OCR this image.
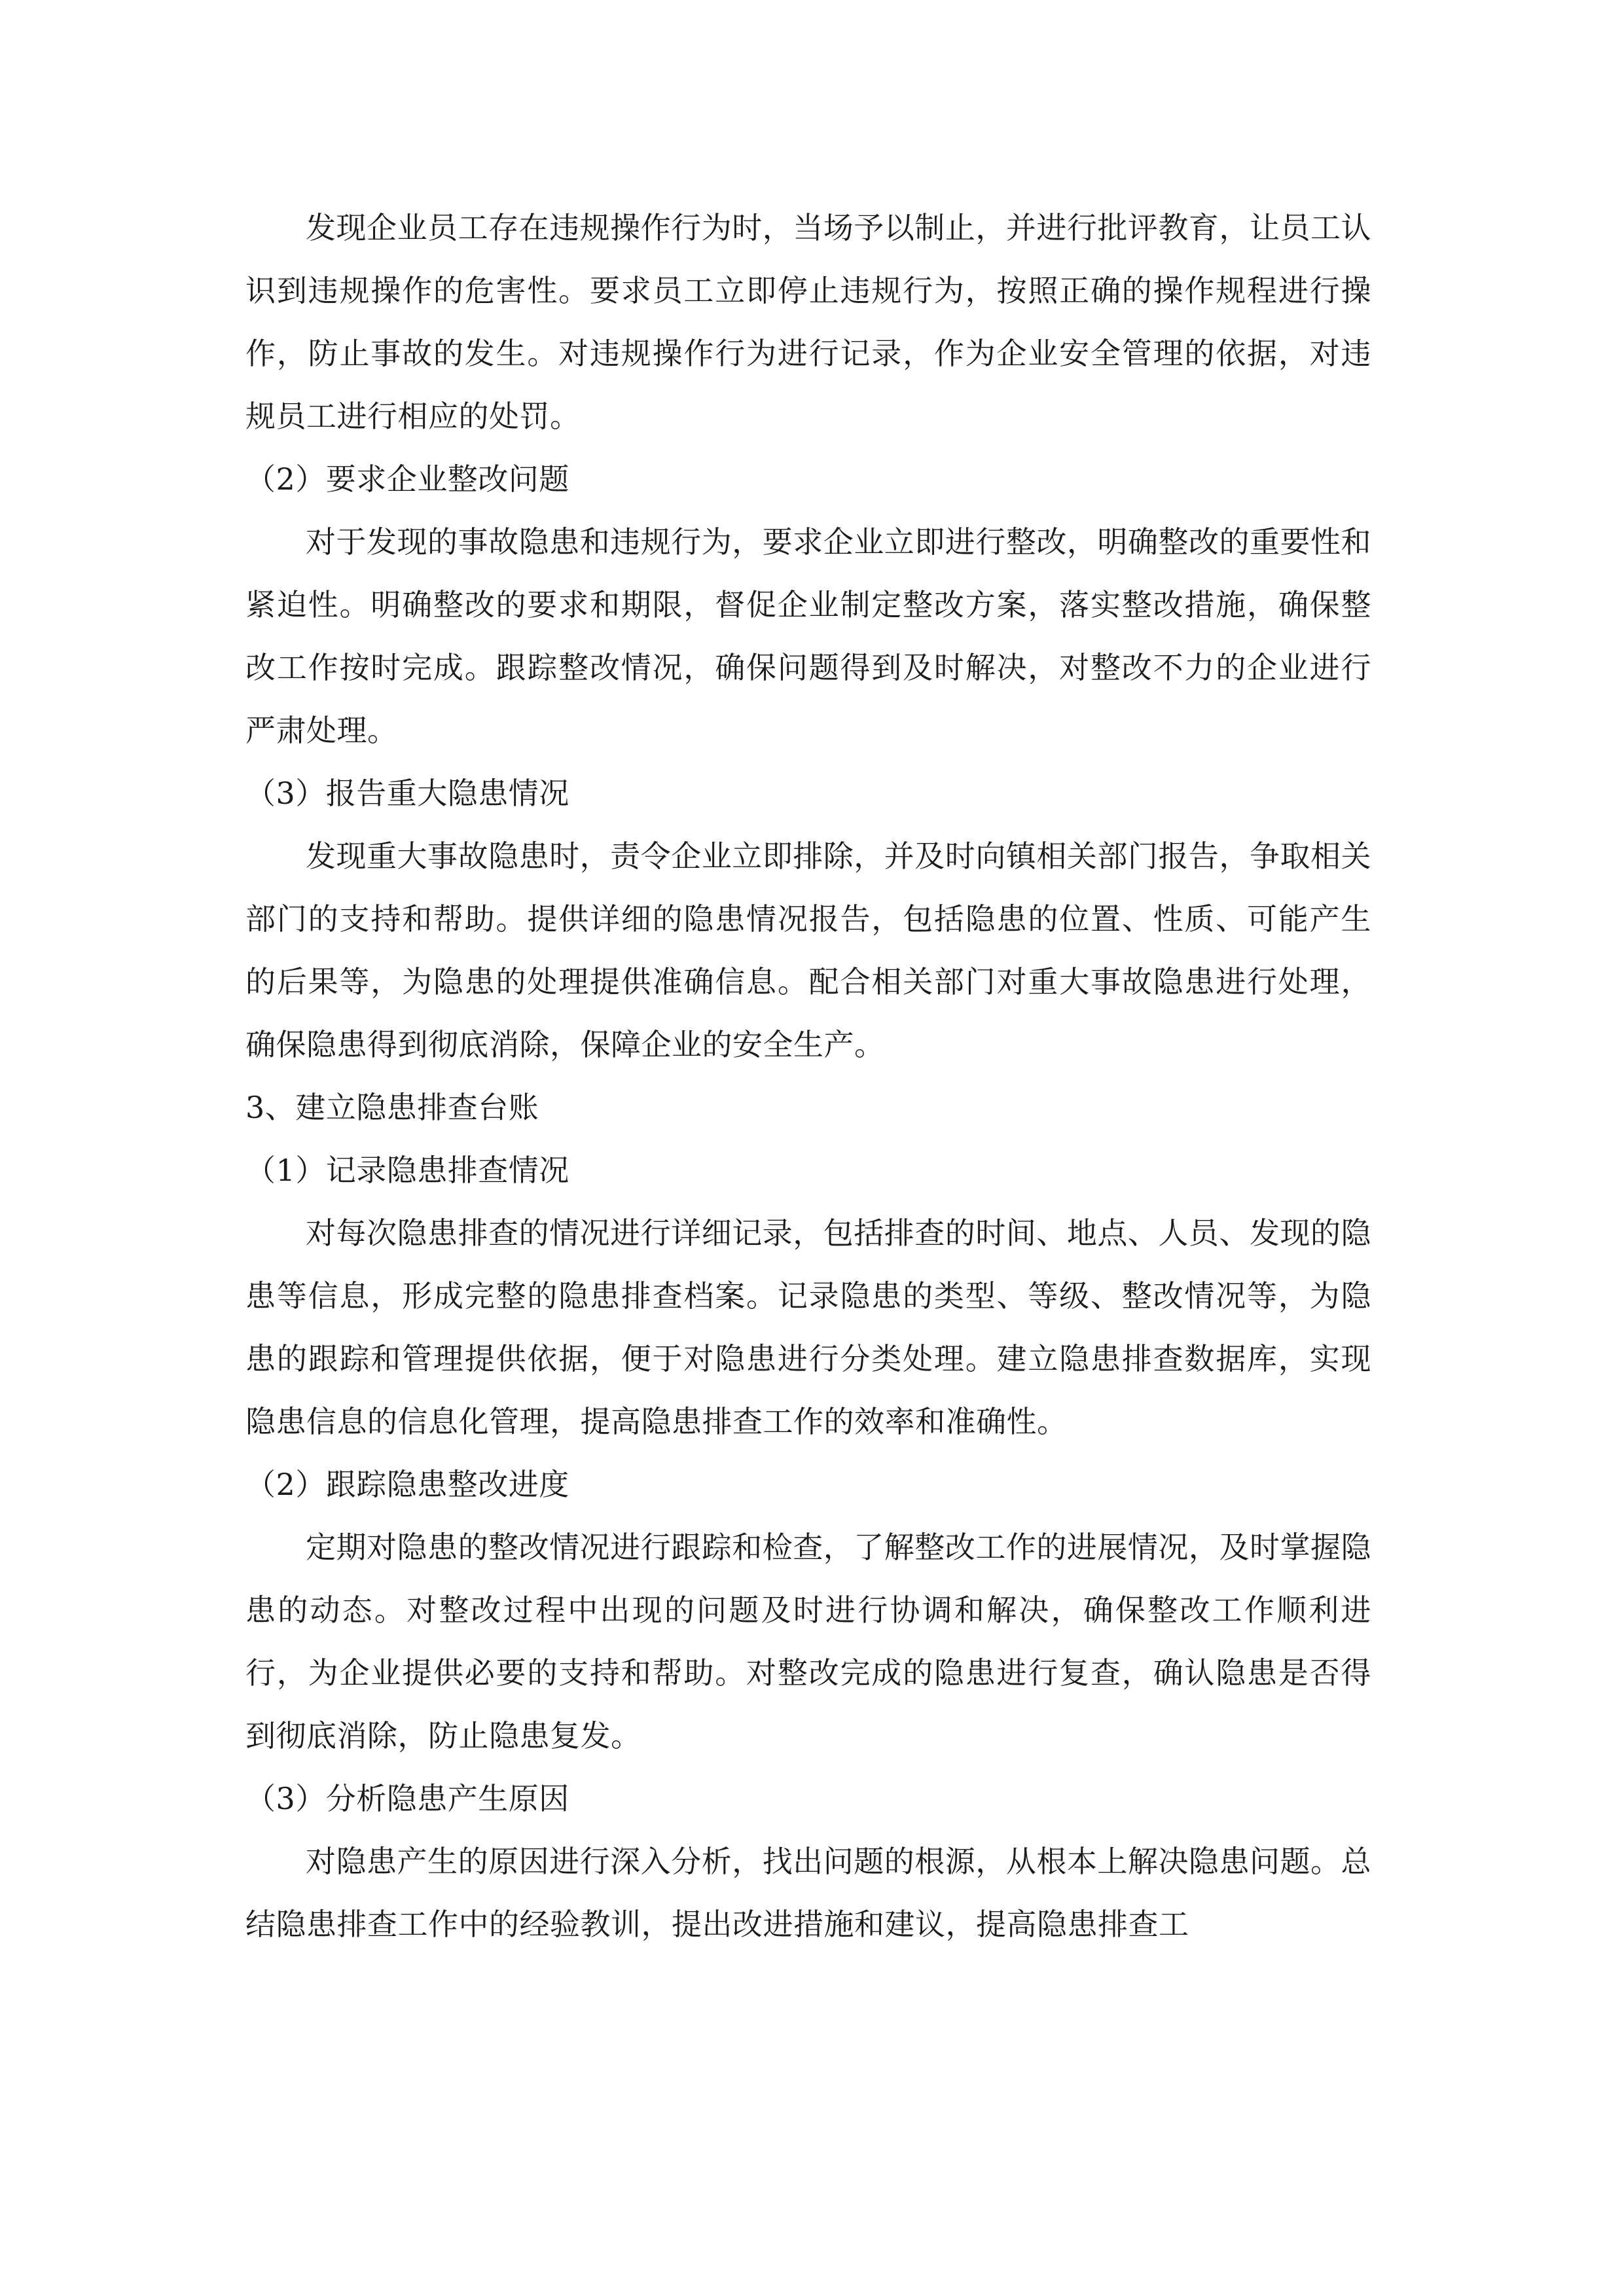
发现企业员工存在违规操作行为时，当场予以制止，并进行批评教育，让员工认识到违规操作的危害性。要求员工立即停止违规行为，按照正确的操作规程进行操作，防止事故的发生。对违规操作行为进行记录，作为企业安全管理的依据，对违规员工进行相应的处罚。

（2）要求企业整改问题

对于发现的事故隐患和违规行为，要求企业立即进行整改，明确整改的重要性和紧迫性。明确整改的要求和期限，督促企业制定整改方案，落实整改措施，确保整改工作按时完成。跟踪整改情况，确保问题得到及时解决，对整改不力的企业进行严肃处理。

（3）报告重大隐患情况

发现重大事故隐患时，责令企业立即排除，并及时向镇相关部门报告，争取相关部门的支持和帮助。提供详细的隐患情况报告，包括隐患的位置、性质、可能产生的后果等，为隐患的处理提供准确信息。配合相关部门对重大事故隐患进行处理，确保隐患得到彻底消除，保障企业的安全生产。

3、建立隐患排查台账

（1）记录隐患排查情况

对每次隐患排查的情况进行详细记录，包括排查的时间、地点、人员、发现的隐患等信息，形成完整的隐患排查档案。记录隐患的类型、等级、整改情况等，为隐患的跟踪和管理提供依据，便于对隐患进行分类处理。建立隐患排查数据库，实现隐患信息的信息化管理，提高隐患排查工作的效率和准确性。

（2）跟踪隐患整改进度

定期对隐患的整改情况进行跟踪和检查，了解整改工作的进展情况，及时掌握隐患的动态。对整改过程中出现的问题及时进行协调和解决，确保整改工作顺利进行，为企业提供必要的支持和帮助。对整改完成的隐患进行复查，确认隐患是否得到彻底消除，防止隐患复发。

（3）分析隐患产生原因

对隐患产生的原因进行深入分析，找出问题的根源，从根本上解决隐患问题。总结隐患排查工作中的经验教训，提出改进措施和建议，提高隐患排查工
